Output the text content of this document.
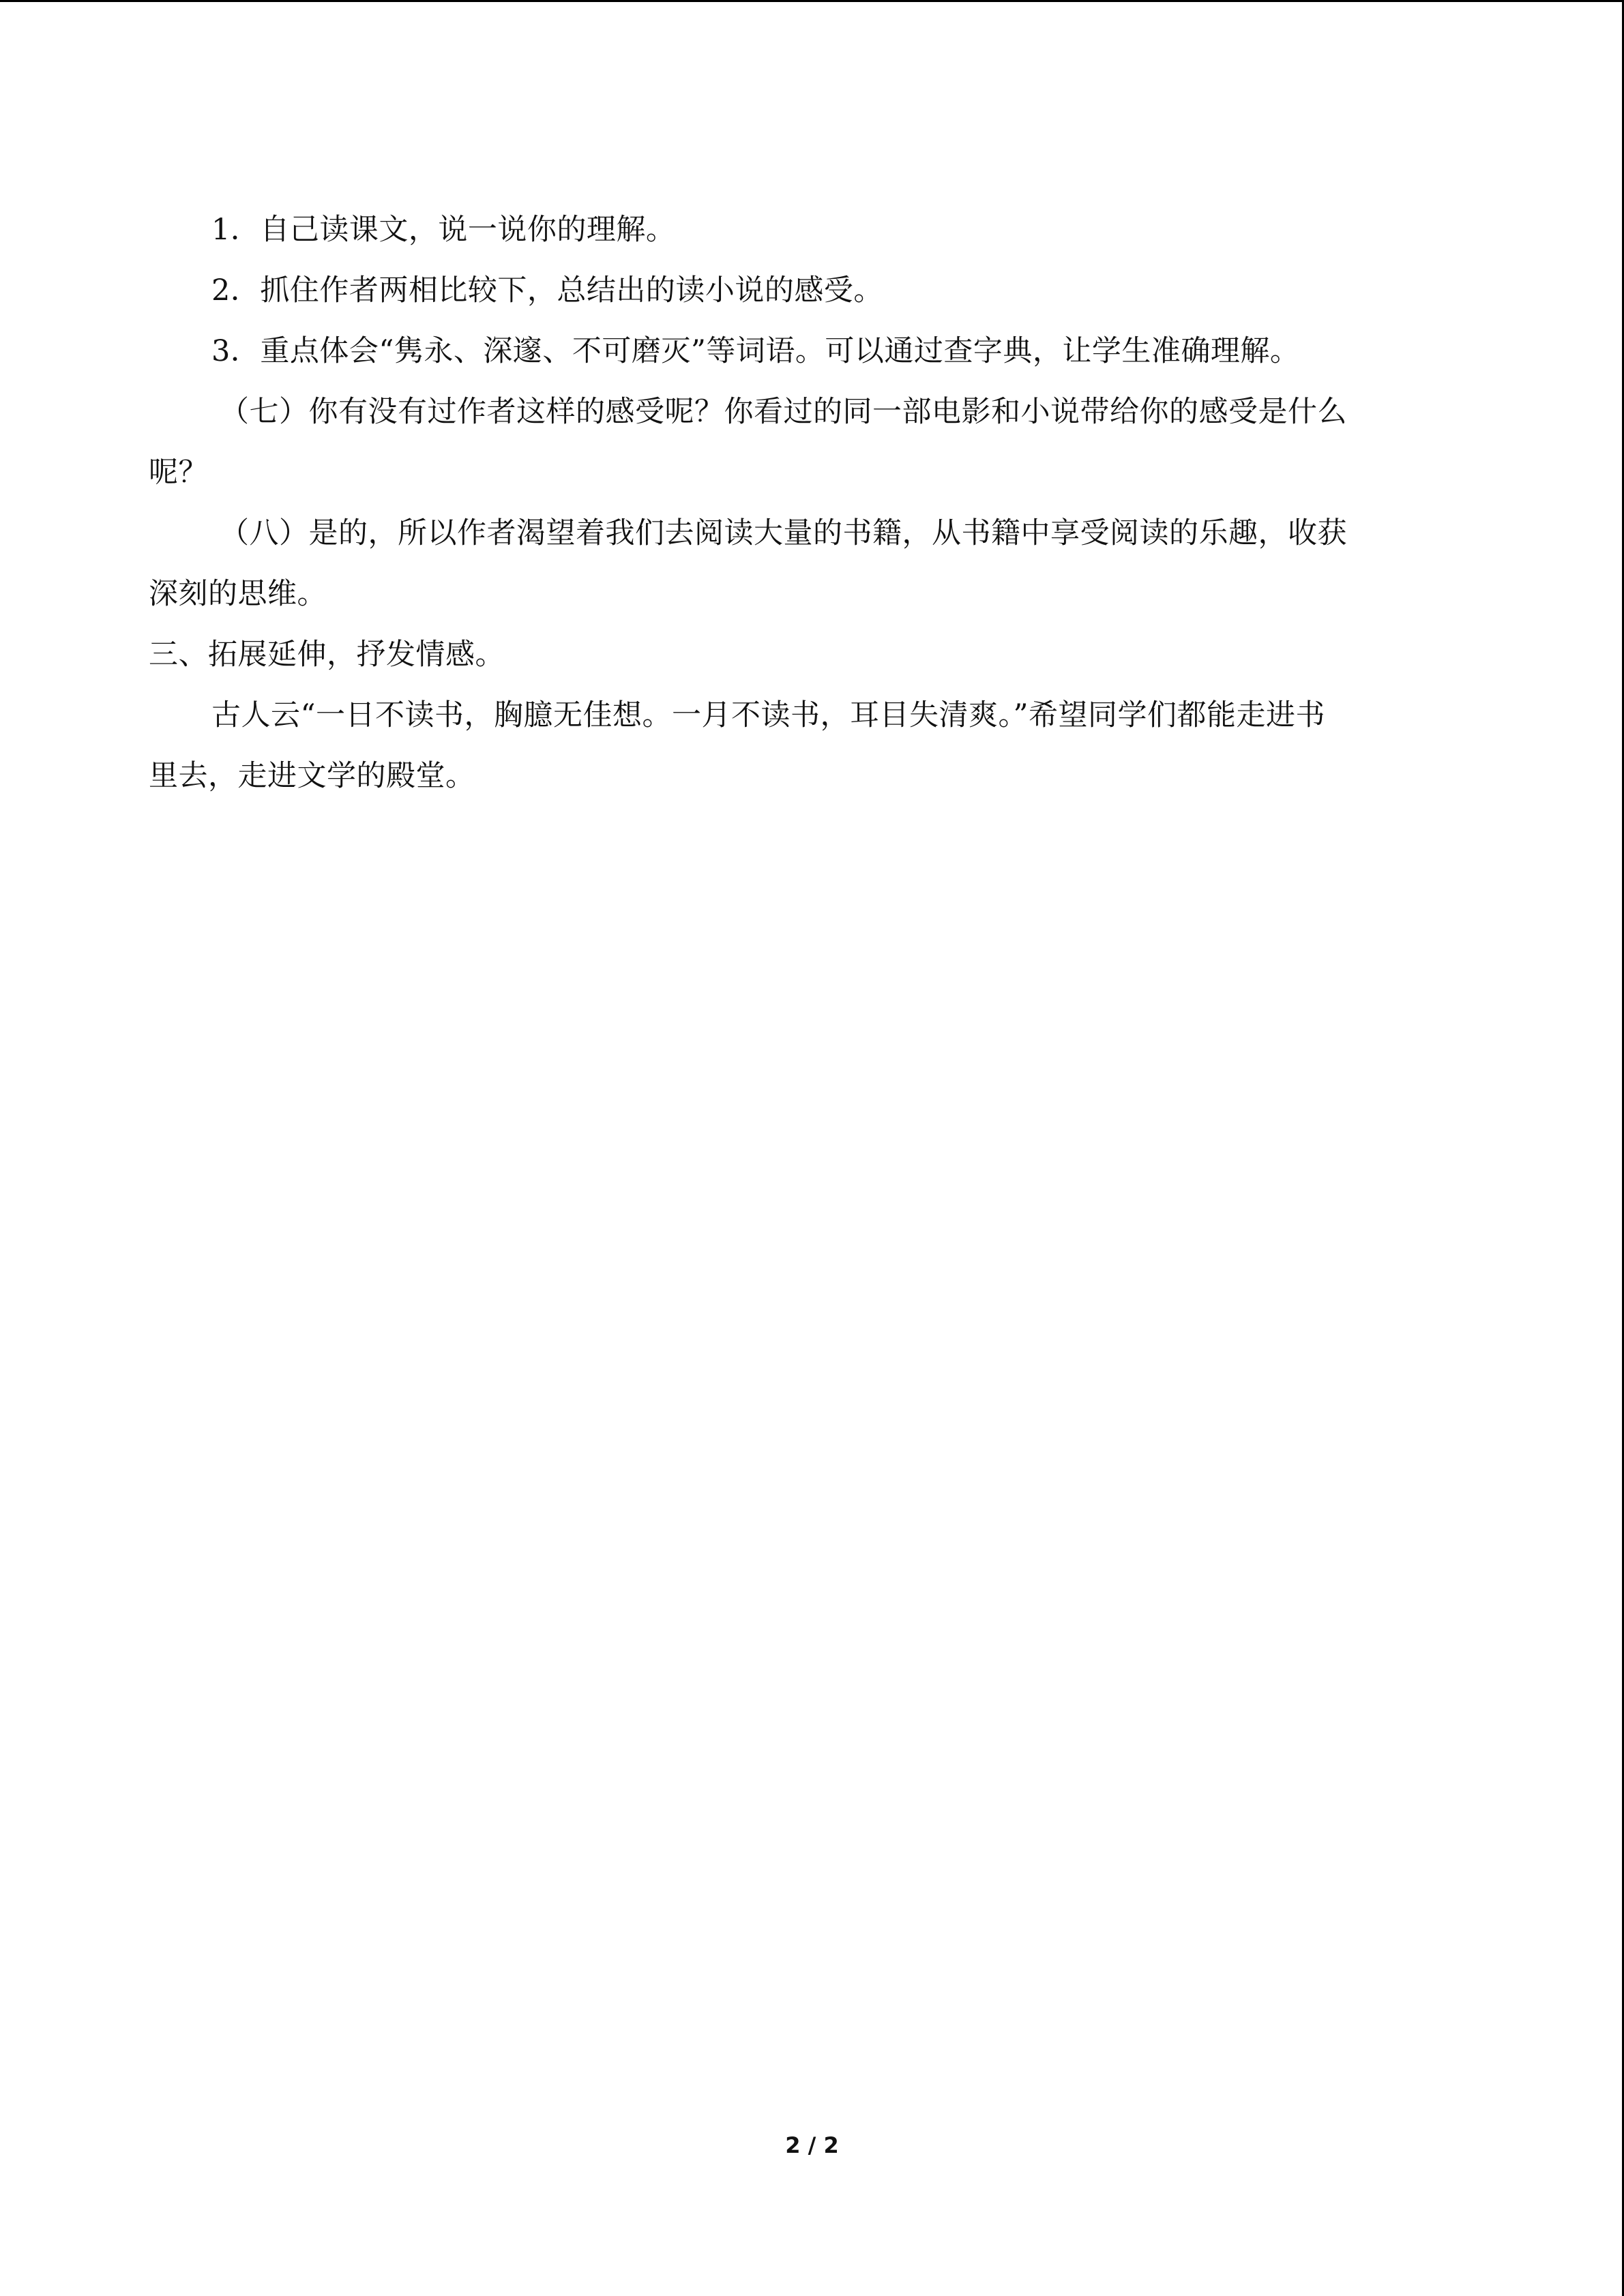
1．自己读课文，说一说你的理解。
2．抓住作者两相比较下，总结出的读小说的感受。
3．重点体会“隽永、深邃、不可磨灭”等词语。可以通过查字典，让学生准确理解。
（七）你有没有过作者这样的感受呢？你看过的同一部电影和小说带给你的感受是什么
呢？
（八）是的，所以作者渴望着我们去阅读大量的书籍，从书籍中享受阅读的乐趣，收获
深刻的思维。
三、拓展延伸，抒发情感。
古人云“一日不读书，胸臆无佳想。一月不读书，耳目失清爽。”希望同学们都能走进书
里去，走进文学的殿堂。
2 / 2
